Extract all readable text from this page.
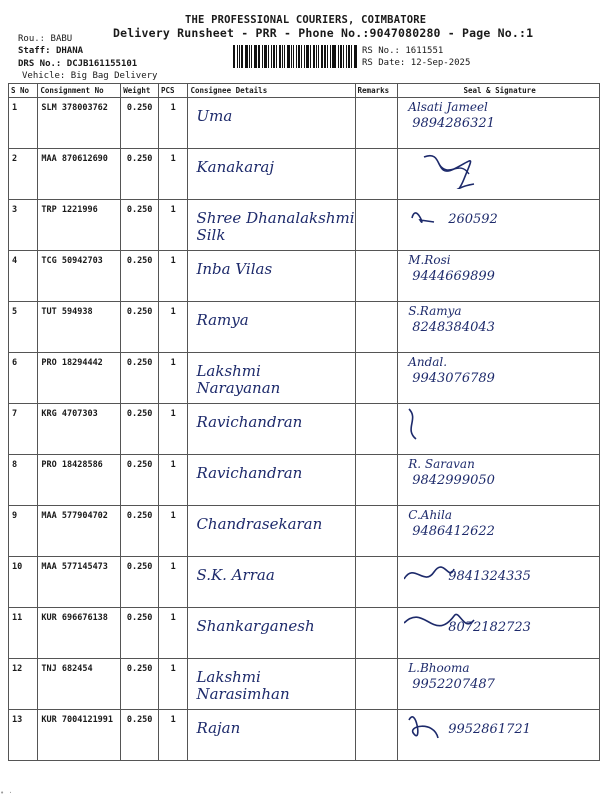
THE PROFESSIONAL COURIERS, COIMBATORE
Delivery Runsheet - PRR - Phone No.:9047080280 - Page No.:1
Rou.: BABU
Staff: DHANA
DRS No.: DCJB161155101
Vehicle: Big Bag Delivery
RS No.: 1611551
RS Date: 12-Sep-2025
S No	Consignment No	Weight	PCS	Consignee Details	Remarks	Seal & Signature
1	SLM 378003762	0.250	1	Uma		Alsati Jameel
9894286321

2	MAA 870612690	0.250	1	Kanakaraj

3	TRP 1221996	0.250	1	Shree Dhanalakshmi
Silk		260592

4	TCG 50942703	0.250	1	Inba Vilas		M.Rosi
9444669899

5	TUT 594938	0.250	1	Ramya		S.Ramya
8248384043

6	PRO 18294442	0.250	1	Lakshmi
Narayanan		Andal.
9943076789

7	KRG 4707303	0.250	1	Ravichandran

8	PRO 18428586	0.250	1	Ravichandran		R. Saravan
9842999050

9	MAA 577904702	0.250	1	Chandrasekaran		C.Ahila
9486412622

10	MAA 577145473	0.250	1	S.K. Arraa		9841324335

11	KUR 696676138	0.250	1	Shankarganesh		8072182723

12	TNJ 682454	0.250	1	Lakshmi
Narasimhan		L.Bhooma
9952207487

13	KUR 7004121991	0.250	1	Rajan		9952861721
• ·
